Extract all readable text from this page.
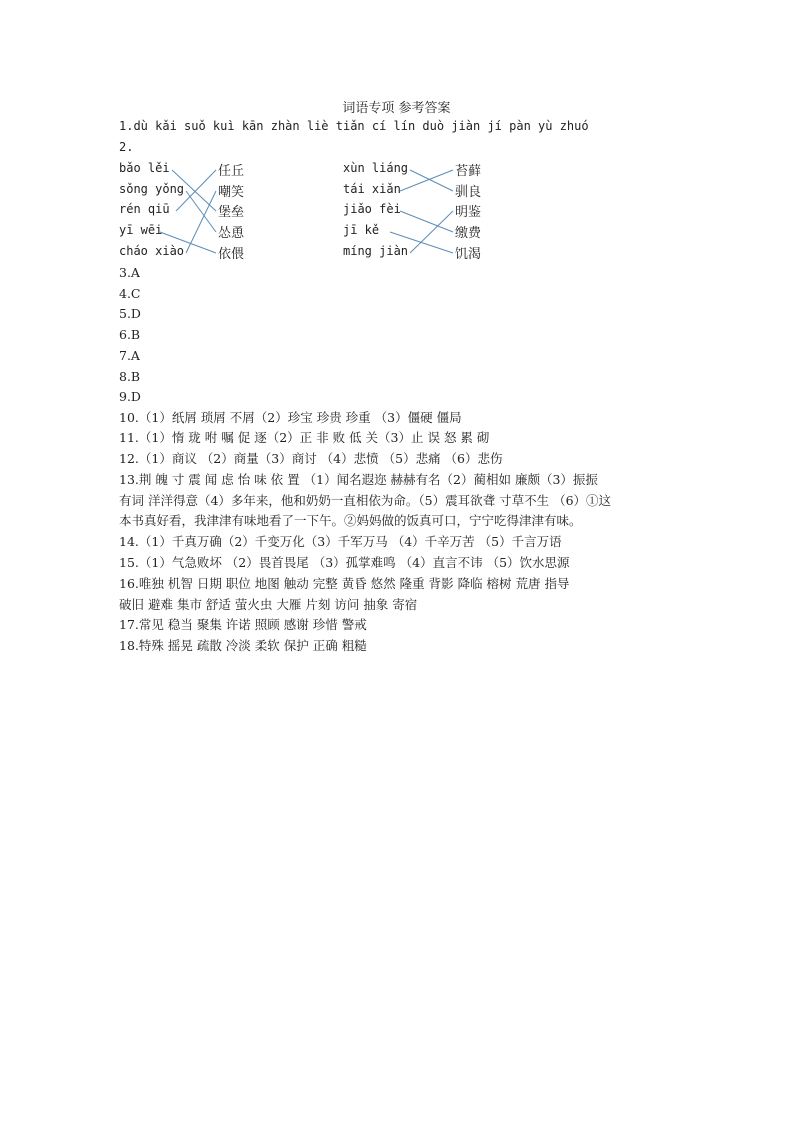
词语专项 参考答案
1.dù kǎi suǒ kuì kān zhàn liè tiǎn cí lín duò jiàn jí pàn yù zhuó
2.
bǎo lěi
sǒng yǒng
rén qiū
yī wēi
cháo xiào
任丘
嘲笑
堡垒
怂恿
依偎
xùn liáng
tái xiǎn
jiǎo fèi
jī kě
míng jiàn
苔藓
驯良
明鉴
缴费
饥渴
3.A
4.C
5.D
6.B
7.A
8.B
9.D
10.（1）纸屑 琐屑 不屑（2）珍宝 珍贵 珍重 （3）僵硬 僵局
11.（1）惰 珑 咐 嘱 促 逐（2）正 非 败 低 关（3）止 误 怒 累 砌
12.（1）商议 （2）商量（3）商讨 （4）悲愤 （5）悲痛 （6）悲伤
13.荆 魄 寸 震 闻 虑 怡 味 依 置 （1）闻名遐迩 赫赫有名（2）蔺相如 廉颇（3）振振
有词 洋洋得意（4）多年来，他和奶奶一直相依为命。（5）震耳欲聋 寸草不生 （6）①这
本书真好看，我津津有味地看了一下午。②妈妈做的饭真可口，宁宁吃得津津有味。
14.（1）千真万确（2）千变万化（3）千军万马 （4）千辛万苦 （5）千言万语
15.（1）气急败坏 （2）畏首畏尾 （3）孤掌难鸣 （4）直言不讳 （5）饮水思源
16.唯独 机智 日期 职位 地图 触动 完整 黄昏 悠然 隆重 背影 降临 榕树 荒唐 指导
破旧 避难 集市 舒适 萤火虫 大雁 片刻 访问 抽象 寄宿
17.常见 稳当 聚集 许诺 照顾 感谢 珍惜 警戒
18.特殊 摇晃 疏散 冷淡 柔软 保护 正确 粗糙
